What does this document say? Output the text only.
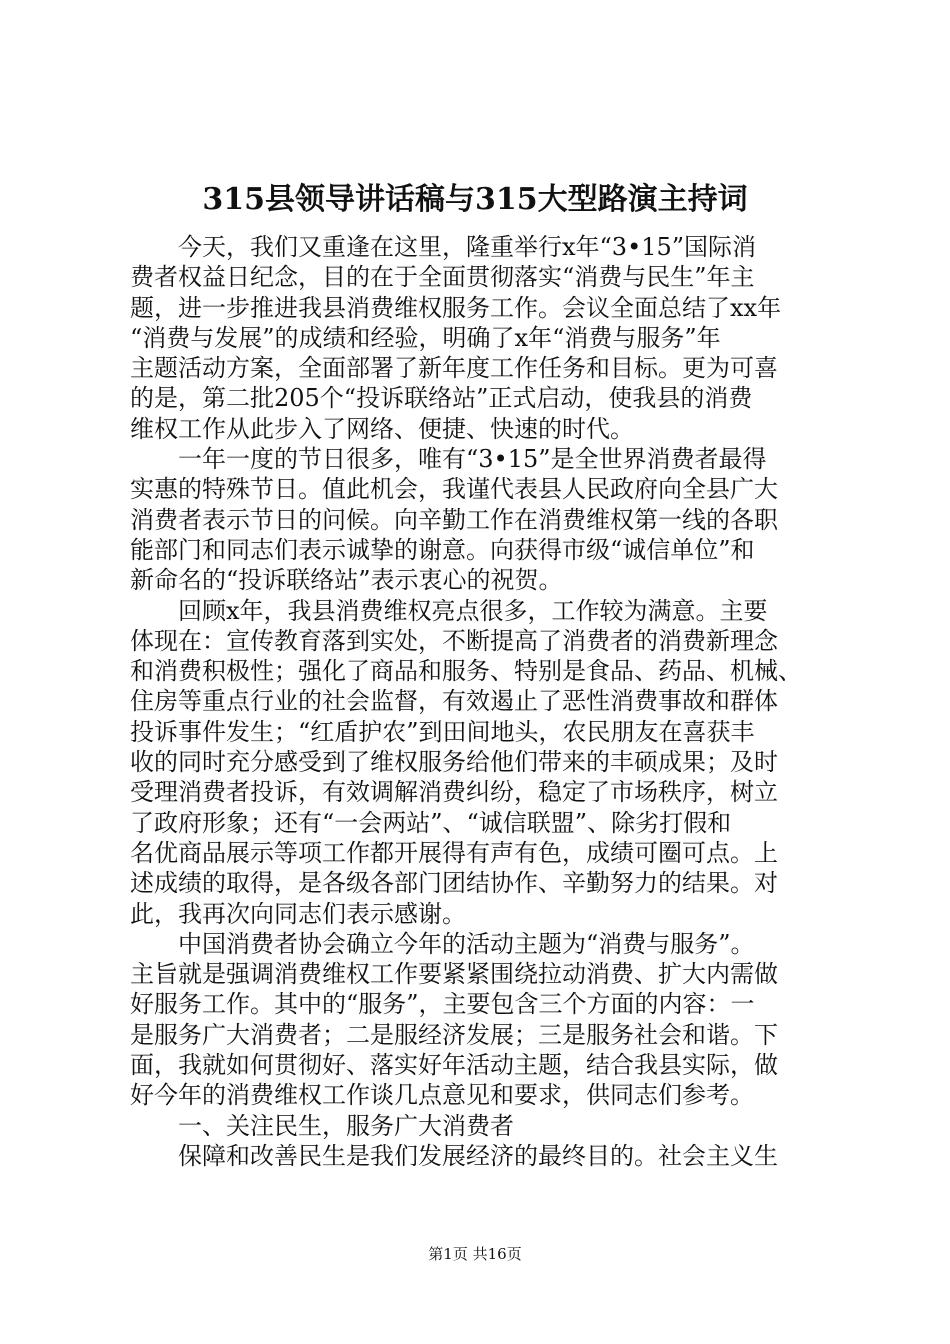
315县领导讲话稿与315大型路演主持词
　　今天，我们又重逢在这里，隆重举行x年“3•15”国际消
费者权益日纪念，目的在于全面贯彻落实“消费与民生”年主
题，进一步推进我县消费维权服务工作。会议全面总结了xx年
“消费与发展”的成绩和经验，明确了x年“消费与服务”年
主题活动方案，全面部署了新年度工作任务和目标。更为可喜
的是，第二批205个“投诉联络站”正式启动，使我县的消费
维权工作从此步入了网络、便捷、快速的时代。
　　一年一度的节日很多，唯有“3•15”是全世界消费者最得
实惠的特殊节日。值此机会，我谨代表县人民政府向全县广大
消费者表示节日的问候。向辛勤工作在消费维权第一线的各职
能部门和同志们表示诚挚的谢意。向获得市级“诚信单位”和
新命名的“投诉联络站”表示衷心的祝贺。
　　回顾x年，我县消费维权亮点很多，工作较为满意。主要
体现在：宣传教育落到实处，不断提高了消费者的消费新理念
和消费积极性；强化了商品和服务、特别是食品、药品、机械、
住房等重点行业的社会监督，有效遏止了恶性消费事故和群体
投诉事件发生；“红盾护农”到田间地头，农民朋友在喜获丰
收的同时充分感受到了维权服务给他们带来的丰硕成果；及时
受理消费者投诉，有效调解消费纠纷，稳定了市场秩序，树立
了政府形象；还有“一会两站”、“诚信联盟”、除劣打假和
名优商品展示等项工作都开展得有声有色，成绩可圈可点。上
述成绩的取得，是各级各部门团结协作、辛勤努力的结果。对
此，我再次向同志们表示感谢。
　　中国消费者协会确立今年的活动主题为“消费与服务”。
主旨就是强调消费维权工作要紧紧围绕拉动消费、扩大内需做
好服务工作。其中的“服务”，主要包含三个方面的内容：一
是服务广大消费者；二是服经济发展；三是服务社会和谐。下
面，我就如何贯彻好、落实好年活动主题，结合我县实际，做
好今年的消费维权工作谈几点意见和要求，供同志们参考。
　　一、关注民生，服务广大消费者
　　保障和改善民生是我们发展经济的最终目的。社会主义生
第1页 共16页
